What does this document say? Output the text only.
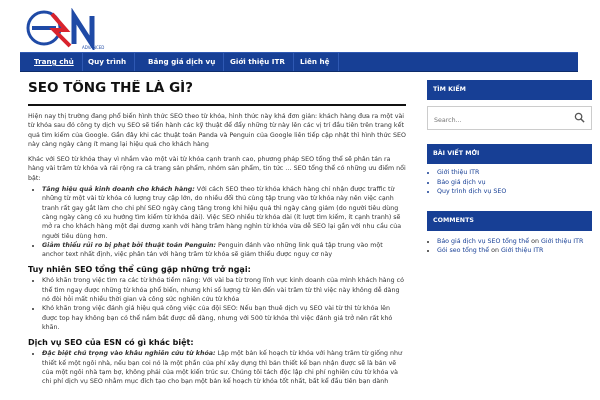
ADVANCED
Trang chủ	Quy trình	Bảng giá dịch vụ	Giới thiệu ITR	Liên hệ
SEO TỔNG THỂ LÀ GÌ?

Hiện nay thị trường đang phổ biến hình thức SEO theo từ khóa, hình thức này khá đơn giản: khách hàng đưa ra một vài từ khóa sau đó công ty dịch vụ SEO sẽ tiến hành các kỹ thuật để đẩy những từ này lên các vị trí đầu tiên trên trang kết quả tìm kiếm của Google. Gần đây khi các thuật toán Panda và Penguin của Google liên tiếp cập nhật thì hình thức SEO này càng ngày càng ít mang lại hiệu quả cho khách hàng

Khác với SEO từ khóa thay vì nhắm vào một vài từ khóa cạnh tranh cao, phương pháp SEO tổng thể sẽ phân tán ra hàng vài trăm từ khóa và rải rộng ra cả trang sản phẩm, nhóm sản phẩm, tin tức … SEO tổng thể có những ưu điểm nổi bật:

• Tăng hiệu quả kinh doanh cho khách hàng: Với cách SEO theo từ khóa khách hàng chỉ nhận được traffic từ những từ một vài từ khóa có lượng truy cập lớn, do nhiều đối thủ cùng tập trung vào từ khóa này nên việc cạnh tranh rất gay gắt làm cho chi phí SEO ngày càng tăng trong khi hiệu quả thì ngày càng giảm (do người tiêu dùng càng ngày càng có xu hướng tìm kiếm từ khóa dài). Việc SEO nhiều từ khóa dài (ít lượt tìm kiếm, ít cạnh tranh) sẽ mở ra cho khách hàng một đại dương xanh với hàng trăm hàng nghìn từ khóa vừa dễ SEO lại gần với nhu cầu của người tiêu dùng hơn.
• Giảm thiểu rủi ro bị phạt bởi thuật toán Penguin: Penguin đánh vào những link quá tập trung vào một anchor text nhất định, việc phân tán với hàng trăm từ khóa sẽ giảm thiểu được nguy cơ này
Tuy nhiên SEO tổng thể cũng gặp những trở ngại:
• Khó khăn trong việc tìm ra các từ khóa tiềm năng: Với vài ba từ trong lĩnh vực kinh doanh của mình khách hàng có thể tìm ngay được những từ khóa phổ biến, nhưng khi số lượng từ lên đến vài trăm từ thì việc này không dễ dàng nó đòi hỏi mất nhiều thời gian và công sức nghiên cứu từ khóa
• Khó khăn trong việc đánh giá hiệu quả công việc của đội SEO: Nếu bạn thuê dịch vụ SEO vài từ thì từ khóa lên được top hay không bạn có thể nắm bắt được dễ dàng, nhưng với 500 từ khóa thì việc đánh giá trở nên rất khó khăn.
Dịch vụ SEO của ESN có gì khác biệt:
• Đặc biệt chú trọng vào khâu nghiên cứu từ khóa: Lập một bản kế hoạch từ khóa với hàng trăm từ giống như thiết kế một ngôi nhà, nếu bạn coi nó là một phần của phí xây dựng thì bản thiết kế bạn nhận được sẽ là bản vẽ của một ngôi nhà tạm bợ, không phải của một kiến trúc sư. Chúng tôi tách độc lập chi phí nghiên cứu từ khóa và chi phí dịch vụ SEO nhằm mục đích tạo cho bạn một bản kế hoạch từ khóa tốt nhất, bất kể đầu tiên bạn dành
TÌM KIẾM
Search...
BÀI VIẾT MỚI
• Giới thiệu ITR
• Bảo giá dịch vụ
• Quy trình dịch vụ SEO
COMMENTS
• Báo giá dịch vụ SEO tổng thể on Giới thiệu ITR
• Gói seo tổng thể on Giới thiệu ITR
